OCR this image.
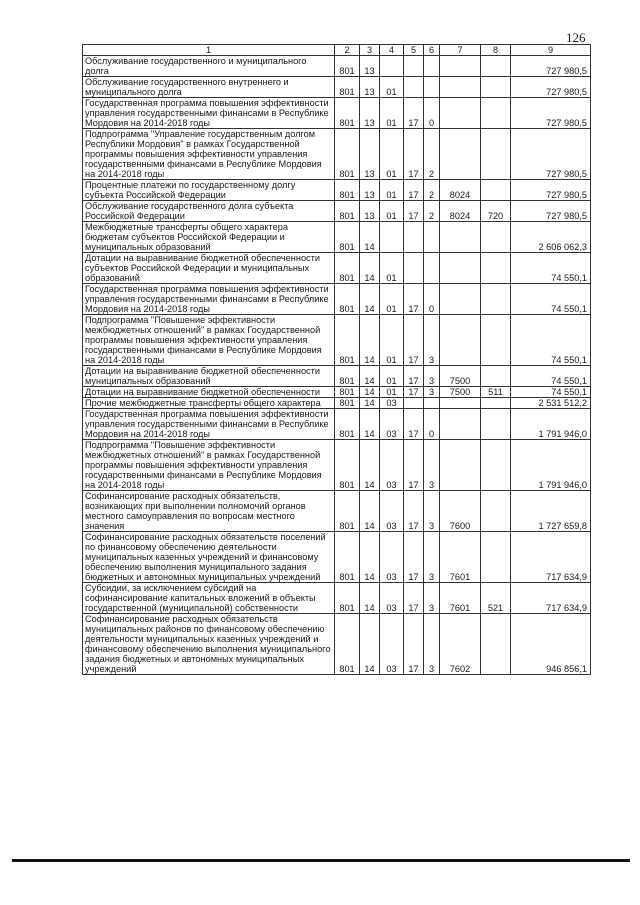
126
1	2	3	4	5	6	7	8	9
Обслуживание государственного и муниципального долга	801	13						727 980,5
Обслуживание государственного внутреннего и муниципального долга	801	13	01					727 980,5
Государственная программа повышения эффективности управления государственными финансами в Республике Мордовия на 2014-2018 годы	801	13	01	17	0			727 980,5
Подпрограмма "Управление государственным долгом Республики Мордовия" в рамках Государственной программы повышения эффективности управления государственными финансами в Республике Мордовия на 2014-2018 годы	801	13	01	17	2			727 980,5
Процентные платежи по государственному долгу субъекта Российской Федерации	801	13	01	17	2	8024		727 980,5
Обслуживание государственного долга субъекта Российской Федерации	801	13	01	17	2	8024	720	727 980,5
Межбюджетные трансферты общего характера бюджетам субъектов Российской Федерации и муниципальных образований	801	14						2 606 062,3
Дотации на выравнивание бюджетной обеспеченности субъектов Российской Федерации и муниципальных образований	801	14	01					74 550,1
Государственная программа повышения эффективности управления государственными финансами в Республике Мордовия на 2014-2018 годы	801	14	01	17	0			74 550,1
Подпрограмма "Повышение эффективности межбюджетных отношений" в рамках Государственной программы повышения эффективности управления государственными финансами в Республике Мордовия на 2014-2018 годы	801	14	01	17	3			74 550,1
Дотации на выравнивание бюджетной обеспеченности муниципальных образований	801	14	01	17	3	7500		74 550,1
Дотации на выравнивание бюджетной обеспеченности	801	14	01	17	3	7500	511	74 550,1
Прочие межбюджетные трансферты общего характера	801	14	03					2 531 512,2
Государственная программа повышения эффективности управления государственными финансами в Республике Мордовия на 2014-2018 годы	801	14	03	17	0			1 791 946,0
Подпрограмма "Повышение эффективности межбюджетных отношений" в рамках Государственной программы повышения эффективности управления государственными финансами в Республике Мордовия на 2014-2018 годы	801	14	03	17	3			1 791 946,0
Софинансирование расходных обязательств, возникающих при выполнении полномочий органов местного самоуправления по вопросам местного значения	801	14	03	17	3	7600		1 727 659,8
Софинансирование расходных обязательств поселений по финансовому обеспечению деятельности муниципальных казенных учреждений и финансовому обеспечению выполнения муниципального задания бюджетных и автономных муниципальных учреждений	801	14	03	17	3	7601		717 634,9
Субсидии, за исключением субсидий на софинансирование капитальных вложений в объекты государственной (муниципальной) собственности	801	14	03	17	3	7601	521	717 634,9
Софинансирование расходных обязательств муниципальных районов по финансовому обеспечению деятельности муниципальных казенных учреждений и финансовому обеспечению выполнения муниципального задания бюджетных и автономных муниципальных учреждений	801	14	03	17	3	7602		946 856,1
